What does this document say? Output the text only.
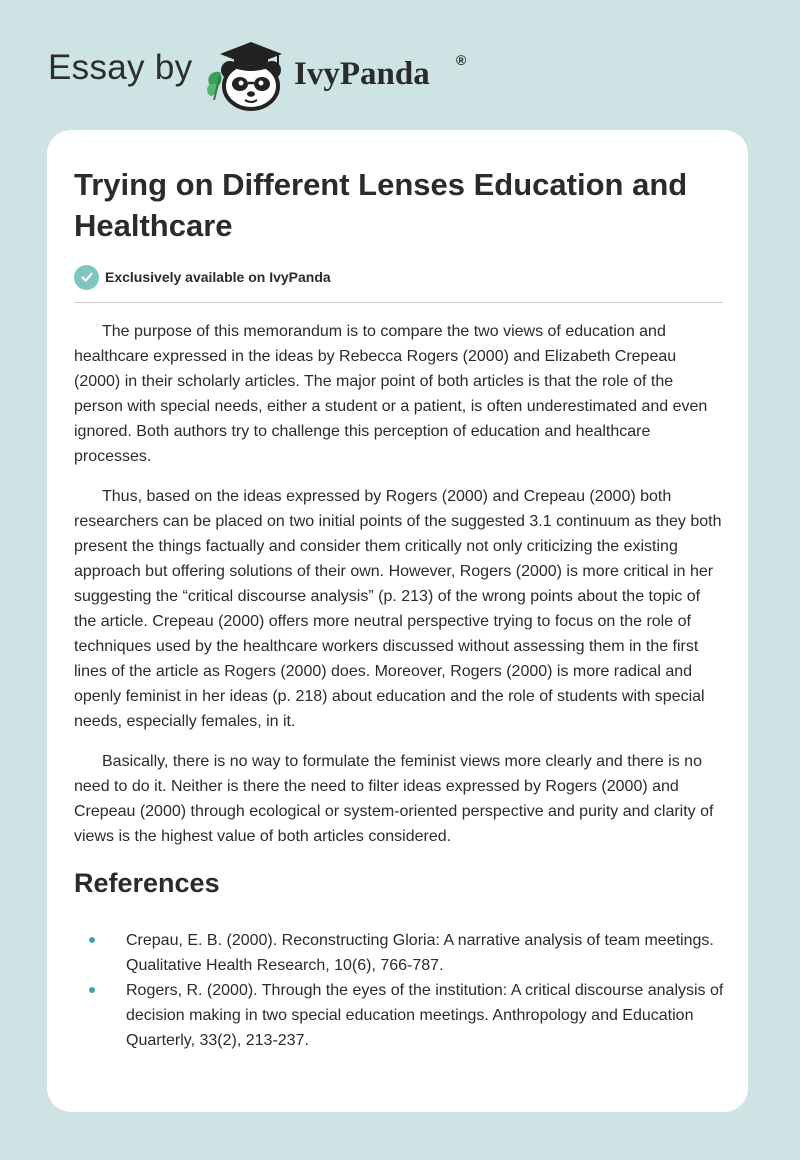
Essay by	IvyPanda ®
Trying on Different Lenses Education and Healthcare
Exclusively available on IvyPanda

The purpose of this memorandum is to compare the two views of education and healthcare expressed in the ideas by Rebecca Rogers (2000) and Elizabeth Crepeau (2000) in their scholarly articles. The major point of both articles is that the role of the person with special needs, either a student or a patient, is often underestimated and even ignored. Both authors try to challenge this perception of education and healthcare processes.

Thus, based on the ideas expressed by Rogers (2000) and Crepeau (2000) both researchers can be placed on two initial points of the suggested 3.1 continuum as they both present the things factually and consider them critically not only criticizing the existing approach but offering solutions of their own. However, Rogers (2000) is more critical in her suggesting the “critical discourse analysis” (p. 213) of the wrong points about the topic of the article. Crepeau (2000) offers more neutral perspective trying to focus on the role of techniques used by the healthcare workers discussed without assessing them in the first lines of the article as Rogers (2000) does. Moreover, Rogers (2000) is more radical and openly feminist in her ideas (p. 218) about education and the role of students with special needs, especially females, in it.

Basically, there is no way to formulate the feminist views more clearly and there is no need to do it. Neither is there the need to filter ideas expressed by Rogers (2000) and Crepeau (2000) through ecological or system-oriented perspective and purity and clarity of views is the highest value of both articles considered.

References
Crepau, E. B. (2000). Reconstructing Gloria: A narrative analysis of team meetings. Qualitative Health Research, 10(6), 766-787.
Rogers, R. (2000). Through the eyes of the institution: A critical discourse analysis of decision making in two special education meetings. Anthropology and Education Quarterly, 33(2), 213-237.
